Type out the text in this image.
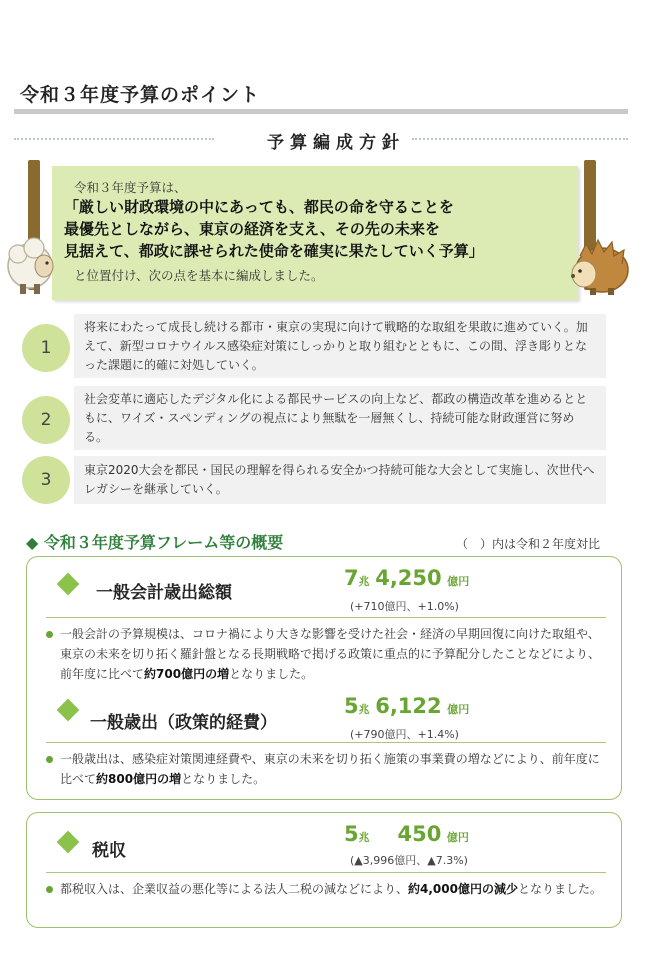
令和３年度予算のポイント
予算編成方針
令和３年度予算は、
「厳しい財政環境の中にあっても、都民の命を守ることを
最優先としながら、東京の経済を支え、その先の未来を
見据えて、都政に課せられた使命を確実に果たしていく予算」
と位置付け、次の点を基本に編成しました。
1
将来にわたって成長し続ける都市・東京の実現に向けて戦略的な取組を果敢に進めていく。加えて、新型コロナウイルス感染症対策にしっかりと取り組むとともに、この間、浮き彫りとなった課題に的確に対処していく。
2
社会変革に適応したデジタル化による都民サービスの向上など、都政の構造改革を進めるとともに、ワイズ・スペンディングの視点により無駄を一層無くし、持続可能な財政運営に努める。
3	東京2020大会を都民・国民の理解を得られる安全かつ持続可能な大会として実施し、次世代へレガシーを継承していく。
◆ 令和３年度予算フレーム等の概要	（　）内は令和２年度対比
一般会計歳出総額
7兆 4,250 億円
(+710億円、+1.0%)
一般会計の予算規模は、コロナ禍により大きな影響を受けた社会・経済の早期回復に向けた取組や、東京の未来を切り拓く羅針盤となる長期戦略で掲げる政策に重点的に予算配分したことなどにより、前年度に比べて約700億円の増となりました。
一般歳出（政策的経費）
5兆 6,122 億円
(+790億円、+1.4%)
一般歳出は、感染症対策関連経費や、東京の未来を切り拓く施策の事業費の増などにより、前年度に比べて約800億円の増となりました。
税収
5兆 450 億円
(▲3,996億円、▲7.3%)
都税収入は、企業収益の悪化等による法人二税の減などにより、約4,000億円の減少となりました。
